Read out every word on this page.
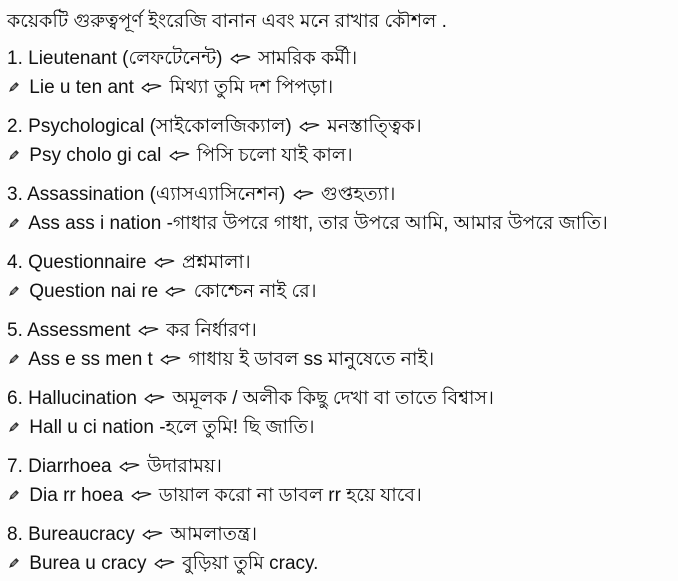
কয়েকটি গুরুত্বপূর্ণ ইংরেজি বানান এবং মনে রাখার কৌশল .
1. Lieutenant (লেফটেনেন্ট) সামরিক কর্মী।
Lie u ten ant মিথ্যা তুমি দশ পিপড়া।
2. Psychological (সাইকোলজিক্যাল) মনস্তাত্ত্বিক।
Psy cholo gi cal পিসি চলো যাই কাল।
3. Assassination (এ্যাসএ্যাসিনেশন) গুপ্তহত্যা।
Ass ass i nation -গাধার উপরে গাধা, তার উপরে আমি, আমার উপরে জাতি।
4. Questionnaire প্রশ্নমালা।
Question nai re কোশ্চেন নাই রে।
5. Assessment কর নির্ধারণ।
Ass e ss men t গাধায় ই ডাবল ss মানুষেতে নাই।
6. Hallucination অমূলক / অলীক কিছু দেখা বা তাতে বিশ্বাস।
Hall u ci nation -হলে তুমি! ছি জাতি।
7. Diarrhoea উদারাময়।
Dia rr hoea ডায়াল করো না ডাবল rr হয়ে যাবে।
8. Bureaucracy আমলাতন্ত্র।
Burea u cracy বুড়িয়া তুমি cracy.
